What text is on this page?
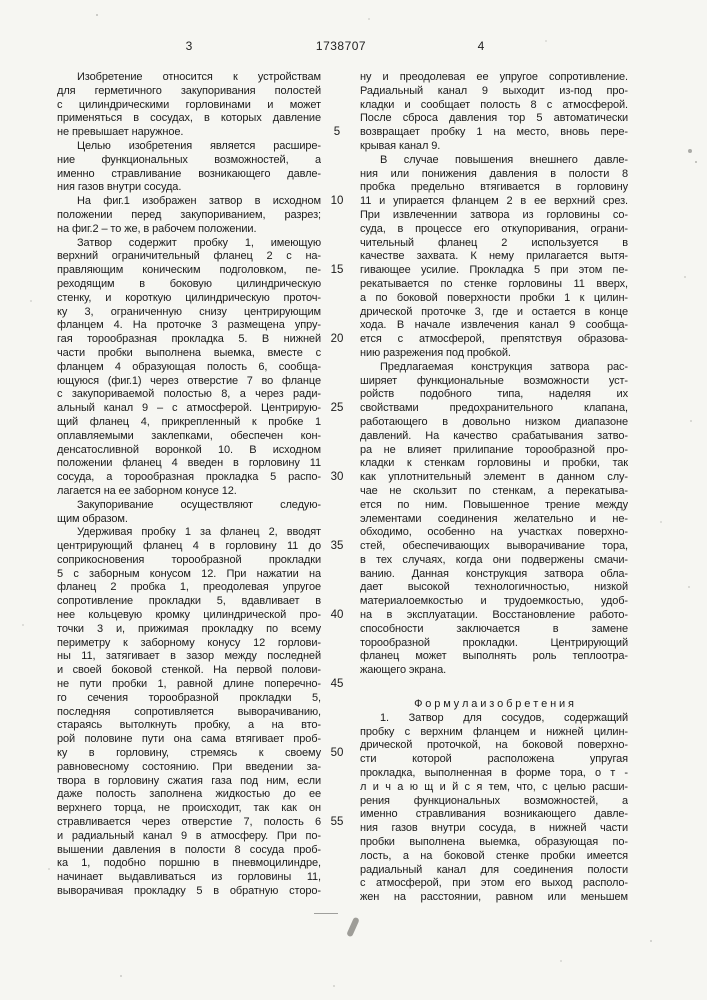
3	1738707	4
Изобретение относится к устройствам
для герметичного закупоривания полостей
с цилиндрическими горловинами и может
применяться в сосудах, в которых давление
не превышает наружное.
Целью изобретения является расшире-
ние функциональных возможностей, а
именно стравливание возникающего давле-
ния газов внутри сосуда.
На фиг.1 изображен затвор в исходном
положении перед закупориванием, разрез;
на фиг.2 – то же, в рабочем положении.
Затвор содержит пробку 1, имеющую
верхний ограничительный фланец 2 с на-
правляющим коническим подголовком, пе-
реходящим в боковую цилиндрическую
стенку, и короткую цилиндрическую проточ-
ку 3, ограниченную снизу центрирующим
фланцем 4. На проточке 3 размещена упру-
гая торообразная прокладка 5. В нижней
части пробки выполнена выемка, вместе с
фланцем 4 образующая полость 6, сообща-
ющуюся (фиг.1) через отверстие 7 во фланце
с закупориваемой полостью 8, а через ради-
альный канал 9 – с атмосферой. Центрирую-
щий фланец 4, прикрепленный к пробке 1
оплавляемыми заклепками, обеспечен кон-
денсатосливной воронкой 10. В исходном
положении фланец 4 введен в горловину 11
сосуда, а торообразная прокладка 5 распо-
лагается на ее заборном конусе 12.
Закупоривание осуществляют следую-
щим образом.
Удерживая пробку 1 за фланец 2, вводят
центрирующий фланец 4 в горловину 11 до
соприкосновения торообразной прокладки
5 с заборным конусом 12. При нажатии на
фланец 2 пробка 1, преодолевая упругое
сопротивление прокладки 5, вдавливает в
нее кольцевую кромку цилиндрической про-
точки 3 и, прижимая прокладку по всему
периметру к заборному конусу 12 горлови-
ны 11, затягивает в зазор между последней
и своей боковой стенкой. На первой полови-
не пути пробки 1, равной длине поперечно-
го сечения торообразной прокладки 5,
последняя сопротивляется выворачиванию,
стараясь вытолкнуть пробку, а на вто-
рой половине пути она сама втягивает проб-
ку в горловину, стремясь к своему
равновесному состоянию. При введении за-
твора в горловину сжатия газа под ним, если
даже полость заполнена жидкостью до ее
верхнего торца, не происходит, так как он
стравливается через отверстие 7, полость 6
и радиальный канал 9 в атмосферу. При по-
вышении давления в полости 8 сосуда проб-
ка 1, подобно поршню в пневмоцилиндре,
начинает выдавливаться из горловины 11,
выворачивая прокладку 5 в обратную сторо-
5
10
15
20
25
30
35
40
45
50
55
ну и преодолевая ее упругое сопротивление.
Радиальный канал 9 выходит из-под про-
кладки и сообщает полость 8 с атмосферой.
После сброса давления тор 5 автоматически
возвращает пробку 1 на место, вновь пере-
крывая канал 9.
В случае повышения внешнего давле-
ния или понижения давления в полости 8
пробка предельно втягивается в горловину
11 и упирается фланцем 2 в ее верхний срез.
При извлеченнии затвора из горловины со-
суда, в процессе его откупоривания, ограни-
чительный фланец 2 используется в
качестве захвата. К нему прилагается вытя-
гивающее усилие. Прокладка 5 при этом пе-
рекатывается по стенке горловины 11 вверх,
а по боковой поверхности пробки 1 к цилин-
дрической проточке 3, где и остается в конце
хода. В начале извлечения канал 9 сообща-
ется с атмосферой, препятствуя образова-
нию разрежения под пробкой.
Предлагаемая конструкция затвора рас-
ширяет функциональные возможности уст-
ройств подобного типа, наделяя их
свойствами предохранительного клапана,
работающего в довольно низком диапазоне
давлений. На качество срабатывания затво-
ра не влияет прилипание торообразной про-
кладки к стенкам горловины и пробки, так
как уплотнительный элемент в данном слу-
чае не скользит по стенкам, а перекатыва-
ется по ним. Повышенное трение между
элементами соединения желательно и не-
обходимо, особенно на участках поверхно-
стей, обеспечивающих выворачивание тора,
в тех случаях, когда они подвержены смачи-
ванию. Данная конструкция затвора обла-
дает высокой технологичностью, низкой
материалоемкостью и трудоемкостью, удоб-
на в эксплуатации. Восстановление работо-
способности заключается в замене
торообразной прокладки. Центрирующий
фланец может выполнять роль теплоотра-
жающего экрана.
Ф о р м у л а и з о б р е т е н и я
1. Затвор для сосудов, содержащий
пробку с верхним фланцем и нижней цилин-
дрической проточкой, на боковой поверхно-
сти которой расположена упругая
прокладка, выполненная в форме тора, о т -
л и ч а ю щ и й с я тем, что, с целью расши-
рения функциональных возможностей, а
именно стравливания возникающего давле-
ния газов внутри сосуда, в нижней части
пробки выполнена выемка, образующая по-
лость, а на боковой стенке пробки имеется
радиальный канал для соединения полости
с атмосферой, при этом его выход располо-
жен на расстоянии, равном или меньшем
